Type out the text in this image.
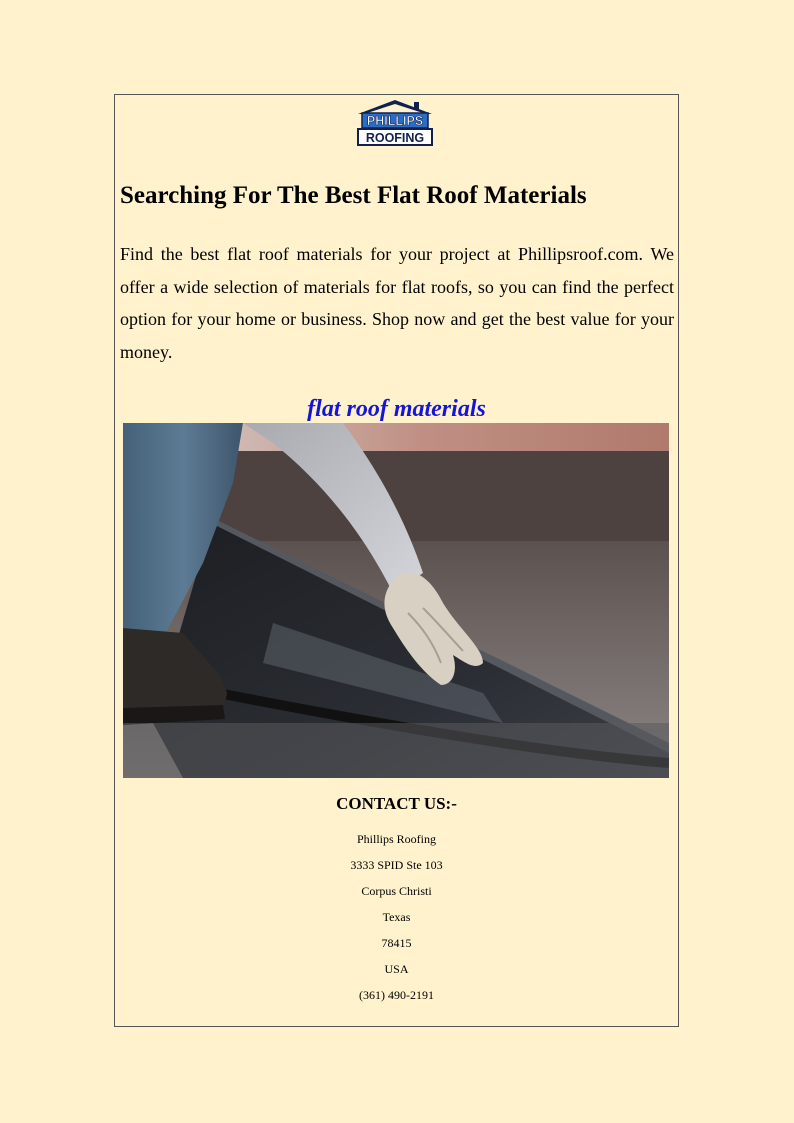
PHILLIPS
ROOFING
Searching For The Best Flat Roof Materials

Find the best flat roof materials for your project at Phillipsroof.com. We offer a wide selection of materials for flat roofs, so you can find the perfect option for your home or business. Shop now and get the best value for your money.

flat roof materials
CONTACT US:-
Phillips Roofing
3333 SPID Ste 103
Corpus Christi
Texas
78415
USA
(361) 490-2191
